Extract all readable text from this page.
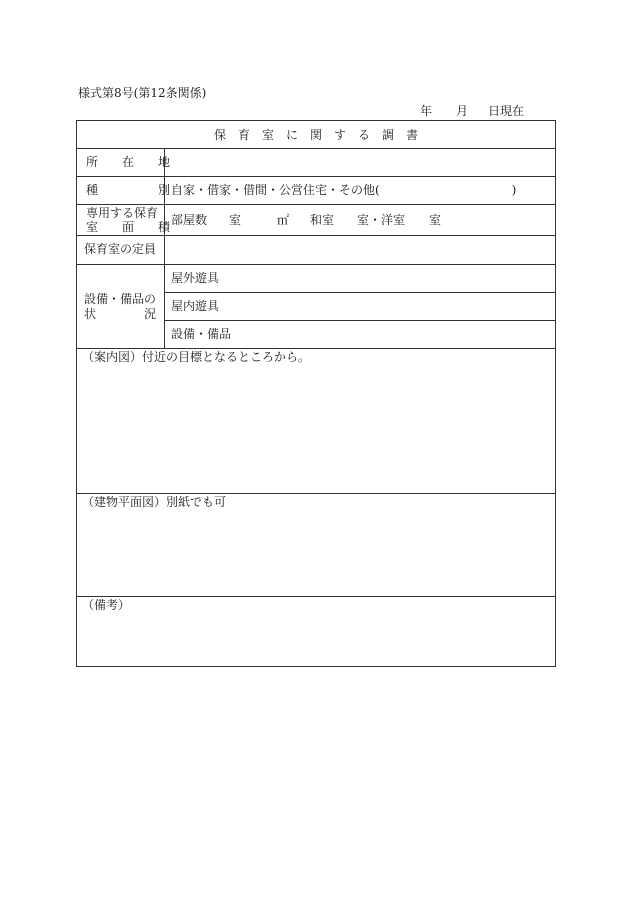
様式第8号(第12条関係)
年 月 日現在
保　育　室　に　関　す　る　調　書
所　　在　　地
種　　　　　別 自家・借家・借間・公営住宅・その他(　　　　　　　　　　　)
専用する保育
室　　面　　積 部屋数 室	㎡ 和室 室・洋室 室
保育室の定員
設備・備品の
状　　　　況
屋外遊具
屋内遊具
設備・備品
（案内図）付近の目標となるところから。
（建物平面図）別紙でも可
（備考）
